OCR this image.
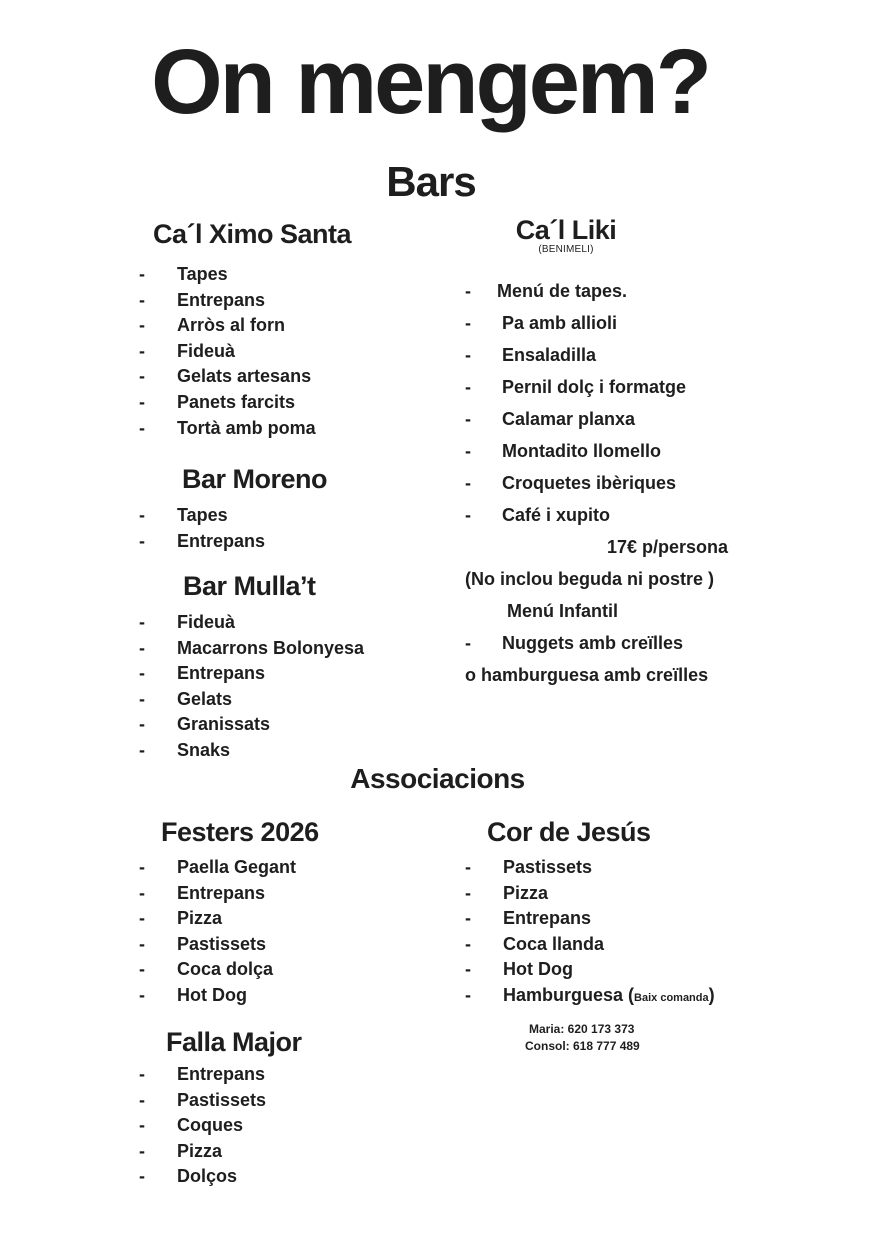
On mengem?
Bars
Ca´l Ximo Santa
- Tapes
- Entrepans
- Arròs al forn
- Fideuà
- Gelats artesans
- Panets farcits
- Tortà amb poma
Bar Moreno
- Tapes
- Entrepans
Bar Mulla’t
- Fideuà
- Macarrons Bolonyesa
- Entrepans
- Gelats
- Granissats
- Snaks
Ca´l Liki
(BENIMELI)
- Menú de tapes.
- Pa amb allioli
- Ensaladilla
- Pernil dolç i formatge
- Calamar planxa
- Montadito llomello
- Croquetes ibèriques
- Café i xupito
17€ p/persona
(No inclou beguda ni postre )
Menú Infantil
- Nuggets amb creïlles
o hamburguesa amb creïlles
Associacions
Festers 2026
- Paella Gegant
- Entrepans
- Pizza
- Pastissets
- Coca dolça
- Hot Dog
Falla Major
- Entrepans
- Pastissets
- Coques
- Pizza
- Dolços
Cor de Jesús
- Pastissets
- Pizza
- Entrepans
- Coca llanda
- Hot Dog
- Hamburguesa (Baix comanda)
Maria: 620 173 373
Consol: 618 777 489
